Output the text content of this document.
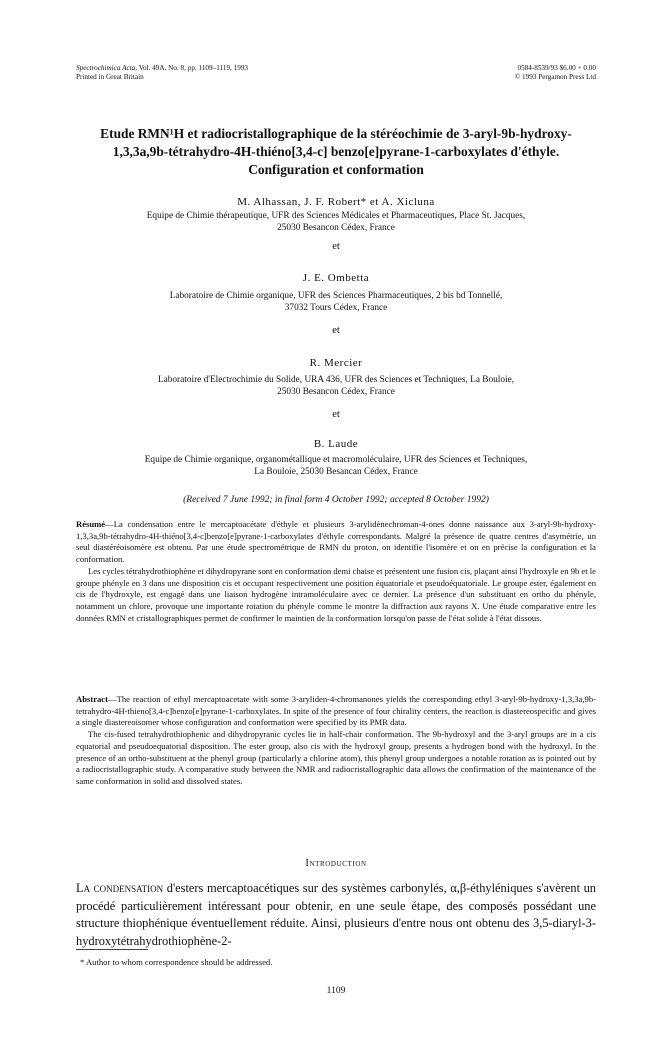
Spectrochimica Acta, Vol. 49A, No. 8, pp. 1109–1119, 1993
Printed in Great Britain
0584-8539/93 $6.00 + 0.00
© 1993 Pergamon Press Ltd
Etude RMN¹H et radiocristallographique de la stéréochimie de 3-aryl-9b-hydroxy-1,3,3a,9b-tétrahydro-4H-thiéno[3,4-c] benzo[e]pyrane-1-carboxylates d'éthyle. Configuration et conformation
M. Alhassan, J. F. Robert* et A. Xicluna
Equipe de Chimie thérapeutique, UFR des Sciences Médicales et Pharmaceutiques, Place St. Jacques,
25030 Besancon Cédex, France
et
J. E. Ombetta
Laboratoire de Chimie organique, UFR des Sciences Pharmaceutiques, 2 bis bd Tonnellé,
37032 Tours Cédex, France
et
R. Mercier
Laboratoire d'Electrochimie du Solide, URA 436, UFR des Sciences et Techniques, La Bouloie,
25030 Besancon Cédex, France
et
B. Laude
Equipe de Chimie organique, organométallique et macromoléculaire, UFR des Sciences et Techniques,
La Bouloie, 25030 Besancan Cédex, France
(Received 7 June 1992; in final form 4 October 1992; accepted 8 October 1992)

Résumé—La condensation entre le mercaptoacétate d'éthyle et plusieurs 3-arylidènechroman-4-ones donne naissance aux 3-aryl-9b-hydroxy-1,3,3a,9b-tétrahydro-4H-thiéno[3,4-c]benzo[e]pyrane-1-carboxylates d'éthyle correspondants. Malgré la présence de quatre centres d'asymétrie, un seul diastéréoisomère est obtenu. Par une étude spectrométrique de RMN du proton, on identifie l'isomère et on en précise la configuration et la conformation.

Les cycles tétrahydrothiophène et dihydropyrane sont en conformation demi chaise et présentent une fusion cis, plaçant ainsi l'hydroxyle en 9b et le groupe phényle en 3 dans une disposition cis et occupant respectivement une position équatoriale et pseudoéquatoriale. Le groupe ester, également en cis de l'hydroxyle, est engagé dans une liaison hydrogène intramoléculaire avec ce dernier. La présence d'un substituant en ortho du phényle, notamment un chlore, provoque une importante rotation du phényle comme le montre la diffraction aux rayons X. Une étude comparative entre les données RMN et cristallographiques permet de confirmer le maintien de la conformation lorsqu'on passe de l'état solide à l'état dissous.

Abstract—The reaction of ethyl mercaptoacetate with some 3-aryliden-4-chromanones yields the corresponding ethyl 3-aryl-9b-hydroxy-1,3,3a,9b-tetrahydro-4H-thieno[3,4-c]benzo[e]pyrane-1-carboxylates. In spite of the presence of four chirality centers, the reaction is diastereospecific and gives a single diastereoisomer whose configuration and conformation were specified by its PMR data.

The cis-fused tetrahydrothiophenic and dihydropyranic cycles lie in half-chair conformation. The 9b-hydroxyl and the 3-aryl groups are in a cis equatorial and pseudoequatorial disposition. The ester group, also cis with the hydroxyl group, presents a hydrogen bond with the hydroxyl. In the presence of an ortho-substituent at the phenyl group (particularly a chlorine atom), this phenyl group undergoes a notable rotation as is pointed out by a radiocristallographic study. A comparative study between the NMR and radiocristallographic data allows the confirmation of the maintenance of the same conformation in solid and dissolved states.

Introduction
La condensation d'esters mercaptoacétiques sur des systèmes carbonylés, α,β-éthyléniques s'avèrent un procédé particulièrement intéressant pour obtenir, en une seule étape, des composés possédant une structure thiophénique éventuellement réduite. Ainsi, plusieurs d'entre nous ont obtenu des 3,5-diaryl-3-hydroxytétrahydrothiophène-2-
* Author to whom correspondence should be addressed.
1109
